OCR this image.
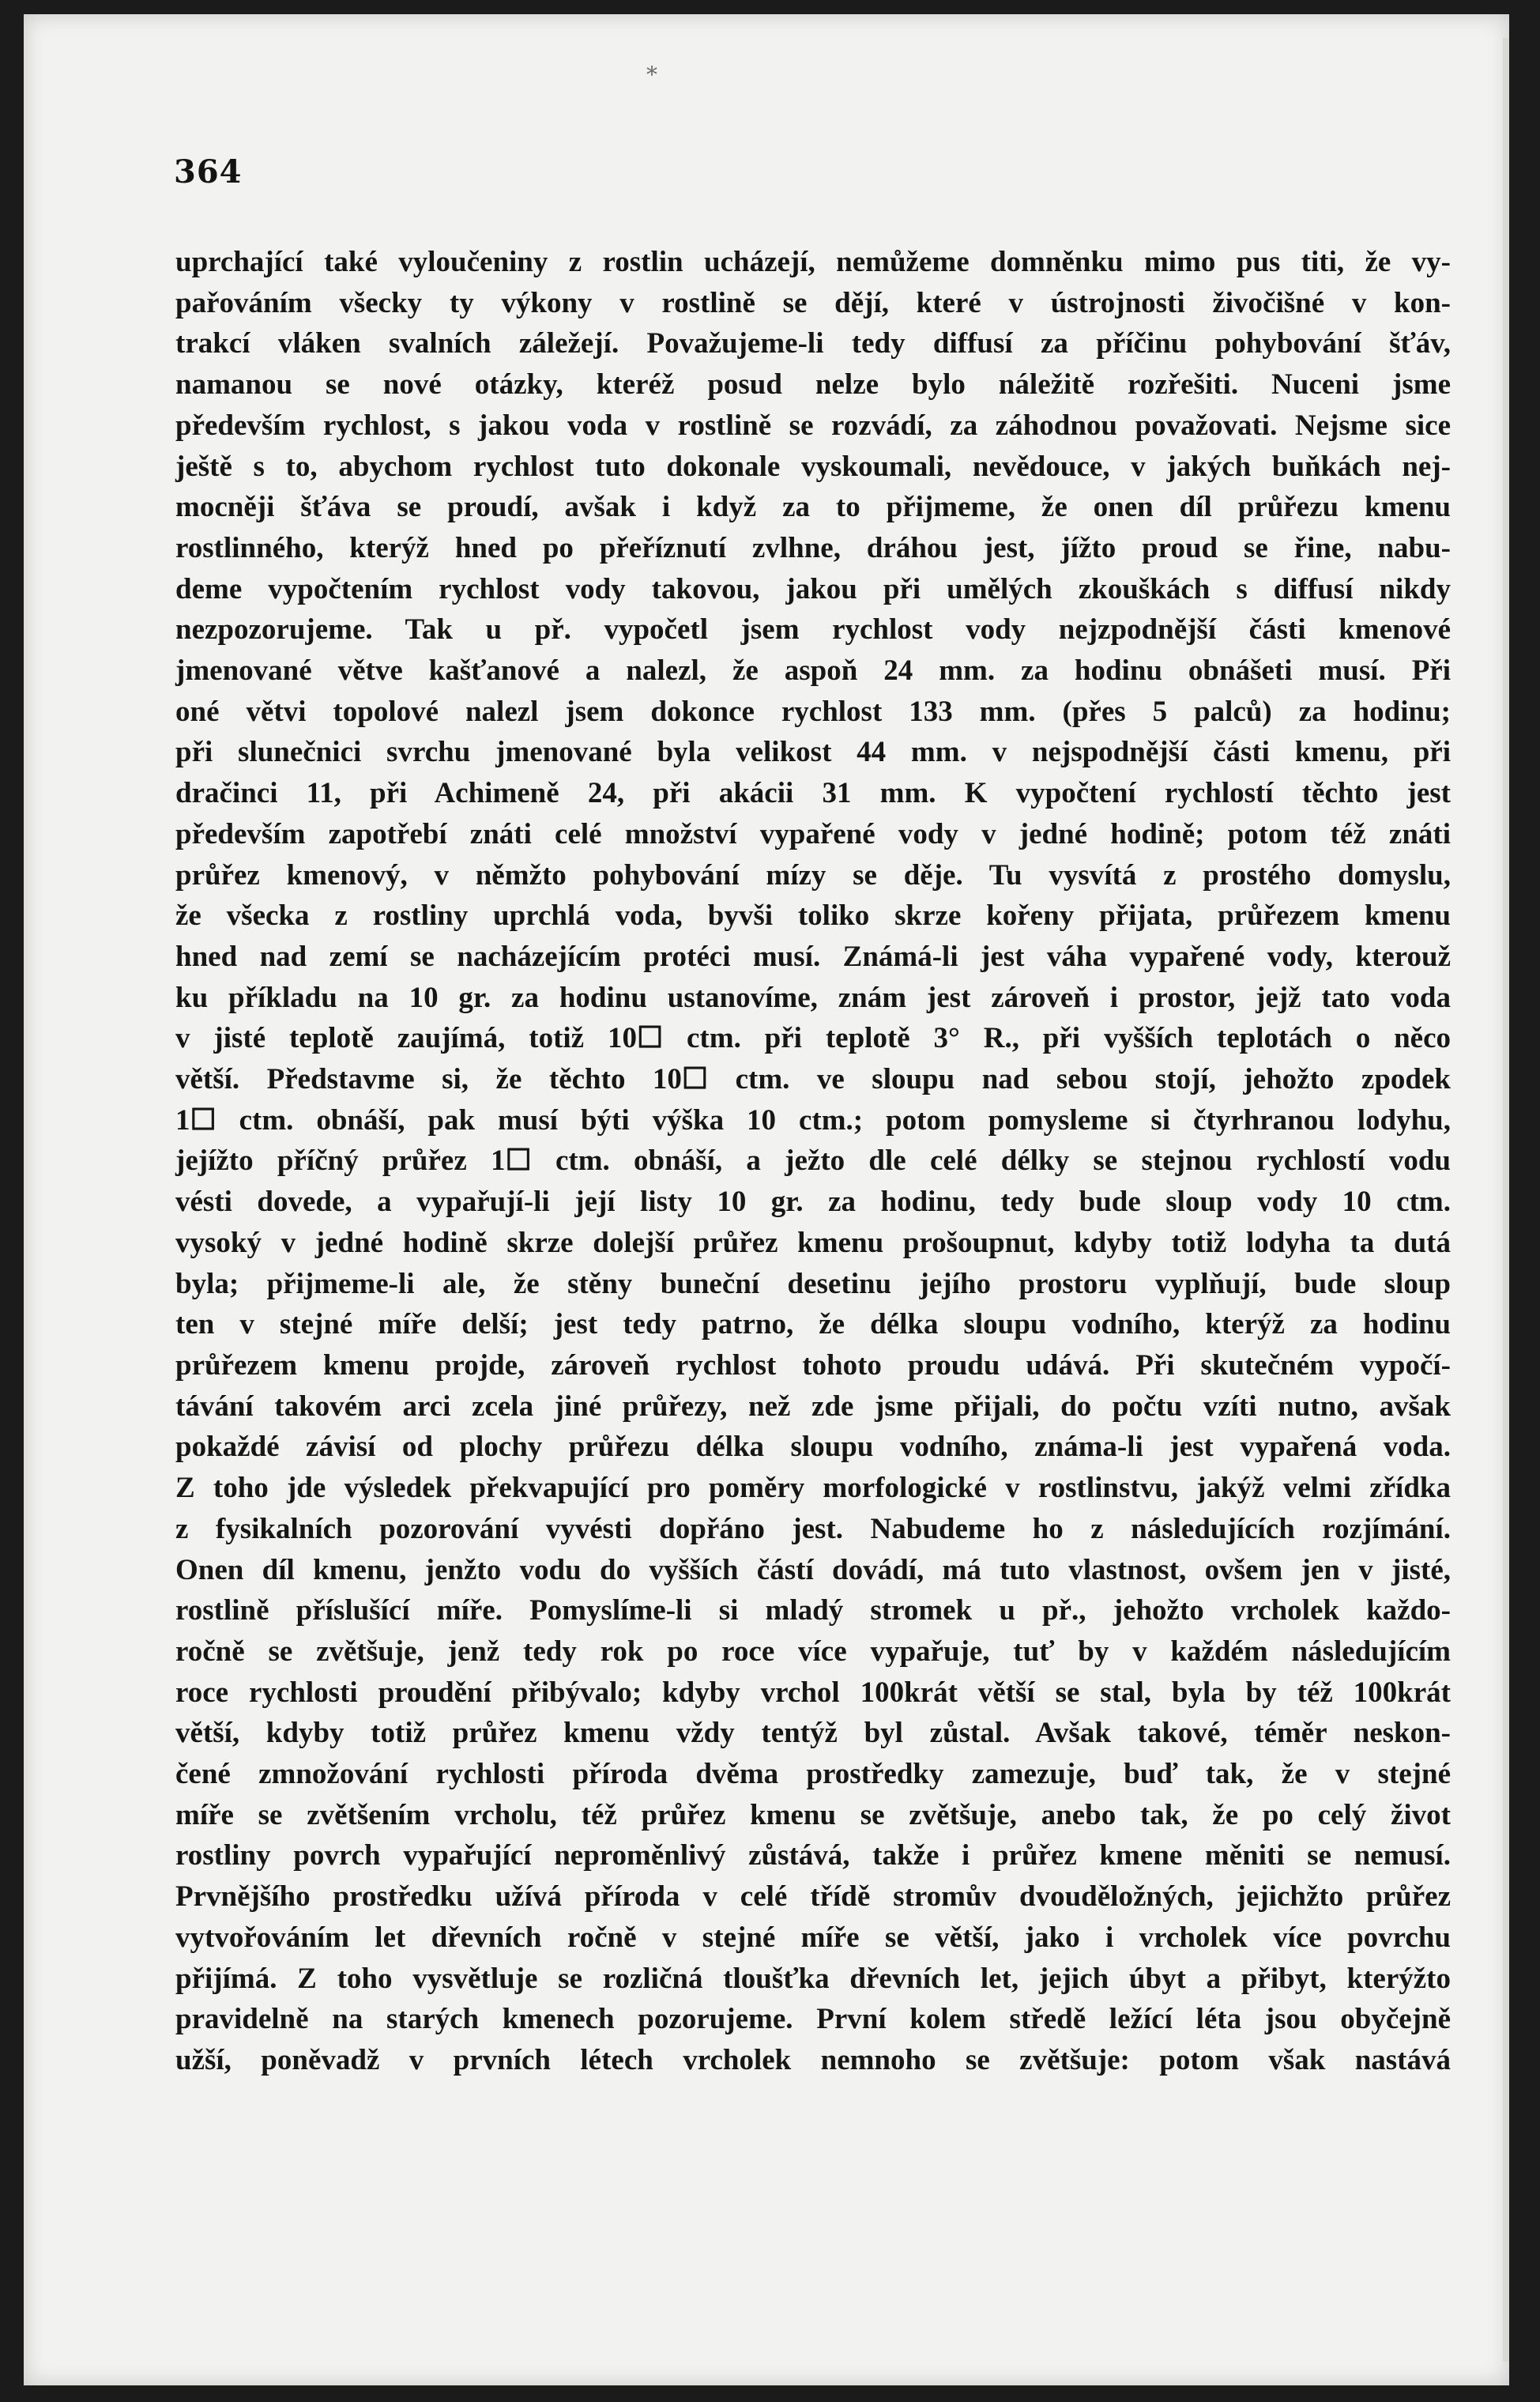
*
364
uprchající také vyloučeniny z rostlin ucházejí, nemůžeme domněnku mimo pus titi, že vy-
pařováním všecky ty výkony v rostlině se dějí, které v ústrojnosti živočišné v kon-
trakcí vláken svalních záležejí. Považujeme-li tedy diffusí za příčinu pohybování šťáv,
namanou se nové otázky, kteréž posud nelze bylo náležitě rozřešiti. Nuceni jsme
především rychlost, s jakou voda v rostlině se rozvádí, za záhodnou považovati. Nejsme sice
ještě s to, abychom rychlost tuto dokonale vyskoumali, nevědouce, v jakých buňkách nej-
mocněji šťáva se proudí, avšak i když za to přijmeme, že onen díl průřezu kmenu
rostlinného, kterýž hned po přeříznutí zvlhne, dráhou jest, jížto proud se řine, nabu-
deme vypočtením rychlost vody takovou, jakou při umělých zkouškách s diffusí nikdy
nezpozorujeme. Tak u př. vypočetl jsem rychlost vody nejzpodnější části kmenové
jmenované větve kašťanové a nalezl, že aspoň 24 mm. za hodinu obnášeti musí. Při
oné větvi topolové nalezl jsem dokonce rychlost 133 mm. (přes 5 palců) za hodinu;
při slunečnici svrchu jmenované byla velikost 44 mm. v nejspodnější části kmenu, při
dračinci 11, při Achimeně 24, při akácii 31 mm. K vypočtení rychlostí těchto jest
především zapotřebí znáti celé množství vypařené vody v jedné hodině; potom též znáti
průřez kmenový, v němžto pohybování mízy se děje. Tu vysvítá z prostého domyslu,
že všecka z rostliny uprchlá voda, byvši toliko skrze kořeny přijata, průřezem kmenu
hned nad zemí se nacházejícím protéci musí. Známá-li jest váha vypařené vody, kterouž
ku příkladu na 10 gr. za hodinu ustanovíme, znám jest zároveň i prostor, jejž tato voda
v jisté teplotě zaujímá, totiž 10☐ ctm. při teplotě 3° R., při vyšších teplotách o něco
větší. Představme si, že těchto 10☐ ctm. ve sloupu nad sebou stojí, jehožto zpodek
1☐ ctm. obnáší, pak musí býti výška 10 ctm.; potom pomysleme si čtyrhranou lodyhu,
jejížto příčný průřez 1☐ ctm. obnáší, a ježto dle celé délky se stejnou rychlostí vodu
vésti dovede, a vypařují-li její listy 10 gr. za hodinu, tedy bude sloup vody 10 ctm.
vysoký v jedné hodině skrze dolejší průřez kmenu prošoupnut, kdyby totiž lodyha ta dutá
byla; přijmeme-li ale, že stěny buneční desetinu jejího prostoru vyplňují, bude sloup
ten v stejné míře delší; jest tedy patrno, že délka sloupu vodního, kterýž za hodinu
průřezem kmenu projde, zároveň rychlost tohoto proudu udává. Při skutečném vypočí-
távání takovém arci zcela jiné průřezy, než zde jsme přijali, do počtu vzíti nutno, avšak
pokaždé závisí od plochy průřezu délka sloupu vodního, známa-li jest vypařená voda.
Z toho jde výsledek překvapující pro poměry morfologické v rostlinstvu, jakýž velmi zřídka
z fysikalních pozorování vyvésti dopřáno jest. Nabudeme ho z následujících rozjímání.
Onen díl kmenu, jenžto vodu do vyšších částí dovádí, má tuto vlastnost, ovšem jen v jisté,
rostlině příslušící míře. Pomyslíme-li si mladý stromek u př., jehožto vrcholek každo-
ročně se zvětšuje, jenž tedy rok po roce více vypařuje, tuť by v každém následujícím
roce rychlosti proudění přibývalo; kdyby vrchol 100krát větší se stal, byla by též 100krát
větší, kdyby totiž průřez kmenu vždy tentýž byl zůstal. Avšak takové, téměr neskon-
čené zmnožování rychlosti příroda dvěma prostředky zamezuje, buď tak, že v stejné
míře se zvětšením vrcholu, též průřez kmenu se zvětšuje, anebo tak, že po celý život
rostliny povrch vypařující neproměnlivý zůstává, takže i průřez kmene měniti se nemusí.
Prvnějšího prostředku užívá příroda v celé třídě stromův dvouděložných, jejichžto průřez
vytvořováním let dřevních ročně v stejné míře se větší, jako i vrcholek více povrchu
přijímá. Z toho vysvětluje se rozličná tloušťka dřevních let, jejich úbyt a přibyt, kterýžto
pravidelně na starých kmenech pozorujeme. První kolem středě ležící léta jsou obyčejně
užší, poněvadž v prvních létech vrcholek nemnoho se zvětšuje: potom však nastává
